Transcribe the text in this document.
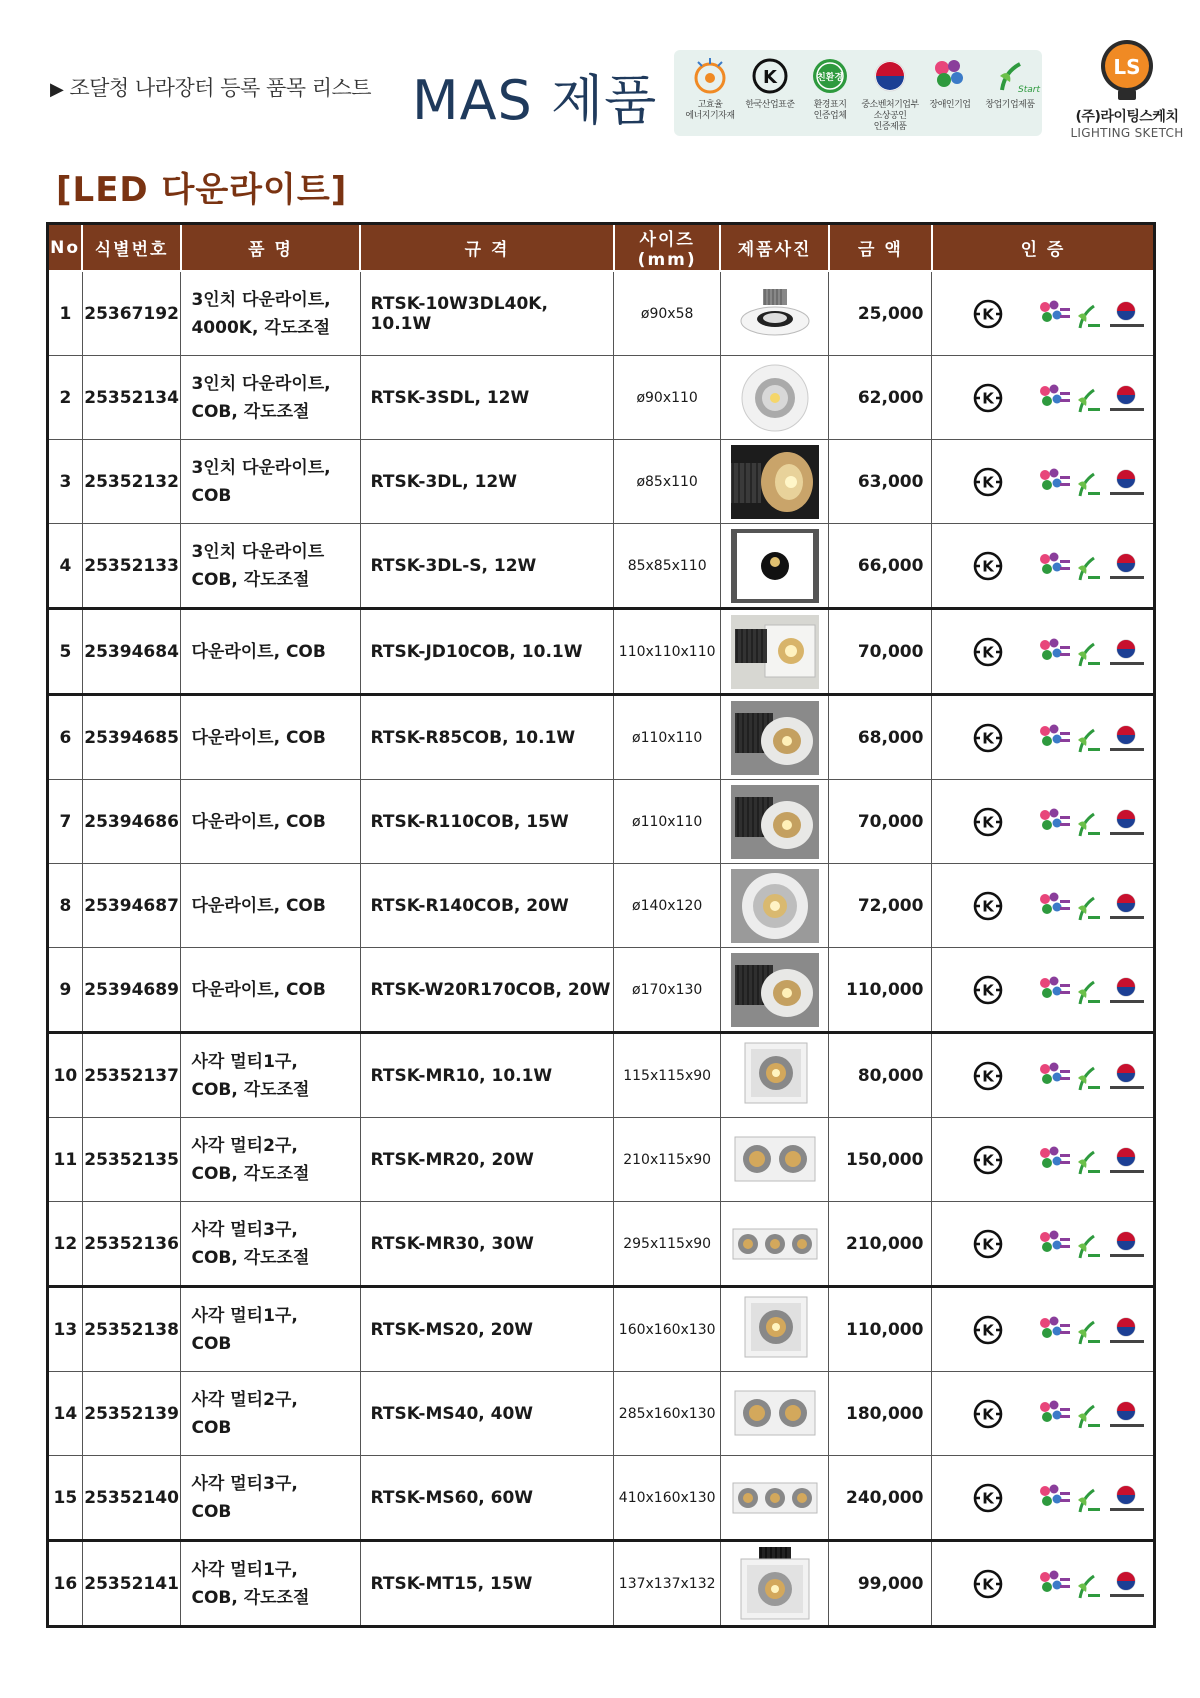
▶ 조달청 나라장터 등록 품목 리스트 MAS 제품	고효율
에너지기자재
K
한국산업표준
친환경
환경표지
인증업체
중소벤처기업부
소상공인
인증제품
장애인기업
Start
창업기업제품
LS
(주)라이팅스케치
LIGHTING SKETCH
[LED 다운라이트]
No	식별번호	품 명	규 격	사이즈(mm)	제품사진	금 액	인 증
1	25367192	3인치 다운라이트,
4000K, 각도조절	RTSK-10W3DL40K, 10.1W	ø90x58		25,000	K

2	25352134	3인치 다운라이트,
COB, 각도조절	RTSK-3SDL, 12W	ø90x110		62,000	K

3	25352132	3인치 다운라이트,
COB	RTSK-3DL, 12W	ø85x110		63,000	K

4	25352133	3인치 다운라이트
COB, 각도조절	RTSK-3DL-S, 12W	85x85x110		66,000	K

5	25394684	다운라이트, COB	RTSK-JD10COB, 10.1W	110x110x110		70,000	K

6	25394685	다운라이트, COB	RTSK-R85COB, 10.1W	ø110x110		68,000	K

7	25394686	다운라이트, COB	RTSK-R110COB, 15W	ø110x110		70,000	K

8	25394687	다운라이트, COB	RTSK-R140COB, 20W	ø140x120		72,000	K

9	25394689	다운라이트, COB	RTSK-W20R170COB, 20W	ø170x130		110,000	K

10	25352137	사각 멀티1구,
COB, 각도조절	RTSK-MR10, 10.1W	115x115x90		80,000	K

11	25352135	사각 멀티2구,
COB, 각도조절	RTSK-MR20, 20W	210x115x90		150,000	K

12	25352136	사각 멀티3구,
COB, 각도조절	RTSK-MR30, 30W	295x115x90		210,000	K

13	25352138	사각 멀티1구,
COB	RTSK-MS20, 20W	160x160x130		110,000	K

14	25352139	사각 멀티2구,
COB	RTSK-MS40, 40W	285x160x130		180,000	K

15	25352140	사각 멀티3구,
COB	RTSK-MS60, 60W	410x160x130		240,000	K

16	25352141	사각 멀티1구,
COB, 각도조절	RTSK-MT15, 15W	137x137x132		99,000	K
